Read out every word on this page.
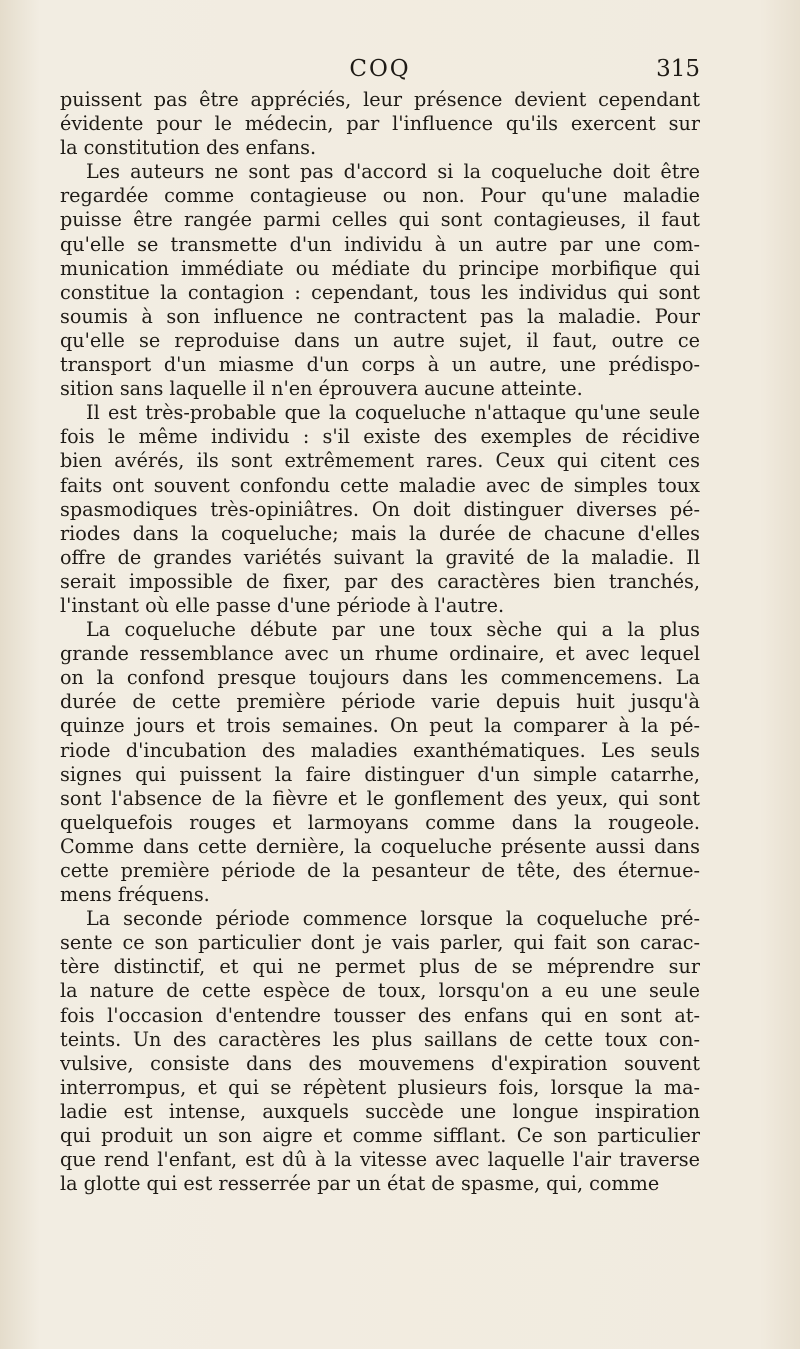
COQ	315
puissent pas être appréciés, leur présence devient cependant
évidente pour le médecin, par l'influence qu'ils exercent sur
la constitution des enfans.
Les auteurs ne sont pas d'accord si la coqueluche doit être
regardée comme contagieuse ou non. Pour qu'une maladie
puisse être rangée parmi celles qui sont contagieuses, il faut
qu'elle se transmette d'un individu à un autre par une com-
munication immédiate ou médiate du principe morbifique qui
constitue la contagion : cependant, tous les individus qui sont
soumis à son influence ne contractent pas la maladie. Pour
qu'elle se reproduise dans un autre sujet, il faut, outre ce
transport d'un miasme d'un corps à un autre, une prédispo-
sition sans laquelle il n'en éprouvera aucune atteinte.
Il est très-probable que la coqueluche n'attaque qu'une seule
fois le même individu : s'il existe des exemples de récidive
bien avérés, ils sont extrêmement rares. Ceux qui citent ces
faits ont souvent confondu cette maladie avec de simples toux
spasmodiques très-opiniâtres. On doit distinguer diverses pé-
riodes dans la coqueluche; mais la durée de chacune d'elles
offre de grandes variétés suivant la gravité de la maladie. Il
serait impossible de fixer, par des caractères bien tranchés,
l'instant où elle passe d'une période à l'autre.
La coqueluche débute par une toux sèche qui a la plus
grande ressemblance avec un rhume ordinaire, et avec lequel
on la confond presque toujours dans les commencemens. La
durée de cette première période varie depuis huit jusqu'à
quinze jours et trois semaines. On peut la comparer à la pé-
riode d'incubation des maladies exanthématiques. Les seuls
signes qui puissent la faire distinguer d'un simple catarrhe,
sont l'absence de la fièvre et le gonflement des yeux, qui sont
quelquefois rouges et larmoyans comme dans la rougeole.
Comme dans cette dernière, la coqueluche présente aussi dans
cette première période de la pesanteur de tête, des éternue-
mens fréquens.
La seconde période commence lorsque la coqueluche pré-
sente ce son particulier dont je vais parler, qui fait son carac-
tère distinctif, et qui ne permet plus de se méprendre sur
la nature de cette espèce de toux, lorsqu'on a eu une seule
fois l'occasion d'entendre tousser des enfans qui en sont at-
teints. Un des caractères les plus saillans de cette toux con-
vulsive, consiste dans des mouvemens d'expiration souvent
interrompus, et qui se répètent plusieurs fois, lorsque la ma-
ladie est intense, auxquels succède une longue inspiration
qui produit un son aigre et comme sifflant. Ce son particulier
que rend l'enfant, est dû à la vitesse avec laquelle l'air traverse
la glotte qui est resserrée par un état de spasme, qui, comme
